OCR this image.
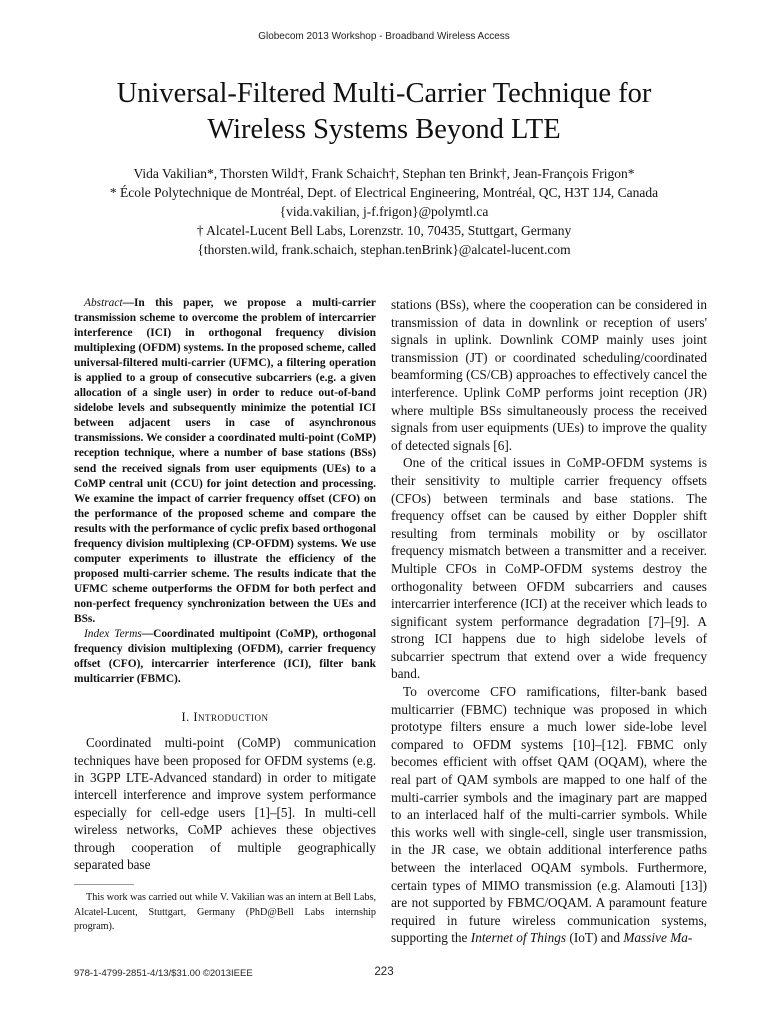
Globecom 2013 Workshop - Broadband Wireless Access
Universal-Filtered Multi-Carrier Technique for
Wireless Systems Beyond LTE
Vida Vakilian*, Thorsten Wild†, Frank Schaich†, Stephan ten Brink†, Jean-François Frigon*
* École Polytechnique de Montréal, Dept. of Electrical Engineering, Montréal, QC, H3T 1J4, Canada
{vida.vakilian, j-f.frigon}@polymtl.ca
† Alcatel-Lucent Bell Labs, Lorenzstr. 10, 70435, Stuttgart, Germany
{thorsten.wild, frank.schaich, stephan.tenBrink}@alcatel-lucent.com

Abstract—In this paper, we propose a multi-carrier transmission scheme to overcome the problem of intercarrier interference (ICI) in orthogonal frequency division multiplexing (OFDM) systems. In the proposed scheme, called universal-filtered multi-carrier (UFMC), a filtering operation is applied to a group of consecutive subcarriers (e.g. a given allocation of a single user) in order to reduce out-of-band sidelobe levels and subsequently minimize the potential ICI between adjacent users in case of asynchronous transmissions. We consider a coordinated multi-point (CoMP) reception technique, where a number of base stations (BSs) send the received signals from user equipments (UEs) to a CoMP central unit (CCU) for joint detection and processing. We examine the impact of carrier frequency offset (CFO) on the performance of the proposed scheme and compare the results with the performance of cyclic prefix based orthogonal frequency division multiplexing (CP-OFDM) systems. We use computer experiments to illustrate the efficiency of the proposed multi-carrier scheme. The results indicate that the UFMC scheme outperforms the OFDM for both perfect and non-perfect frequency synchronization between the UEs and BSs.

Index Terms—Coordinated multipoint (CoMP), orthogonal frequency division multiplexing (OFDM), carrier frequency offset (CFO), intercarrier interference (ICI), filter bank multicarrier (FBMC).

I. Introduction

Coordinated multi-point (CoMP) communication techniques have been proposed for OFDM systems (e.g. in 3GPP LTE-Advanced standard) in order to mitigate intercell interference and improve system performance especially for cell-edge users [1]–[5]. In multi-cell wireless networks, CoMP achieves these objectives through cooperation of multiple geographically separated base

stations (BSs), where the cooperation can be considered in transmission of data in downlink or reception of users' signals in uplink. Downlink COMP mainly uses joint transmission (JT) or coordinated scheduling/coordinated beamforming (CS/CB) approaches to effectively cancel the interference. Uplink CoMP performs joint reception (JR) where multiple BSs simultaneously process the received signals from user equipments (UEs) to improve the quality of detected signals [6].

One of the critical issues in CoMP-OFDM systems is their sensitivity to multiple carrier frequency offsets (CFOs) between terminals and base stations. The frequency offset can be caused by either Doppler shift resulting from terminals mobility or by oscillator frequency mismatch between a transmitter and a receiver. Multiple CFOs in CoMP-OFDM systems destroy the orthogonality between OFDM subcarriers and causes intercarrier interference (ICI) at the receiver which leads to significant system performance degradation [7]–[9]. A strong ICI happens due to high sidelobe levels of subcarrier spectrum that extend over a wide frequency band.

To overcome CFO ramifications, filter-bank based multicarrier (FBMC) technique was proposed in which prototype filters ensure a much lower side-lobe level compared to OFDM systems [10]–[12]. FBMC only becomes efficient with offset QAM (OQAM), where the real part of QAM symbols are mapped to one half of the multi-carrier symbols and the imaginary part are mapped to an interlaced half of the multi-carrier symbols. While this works well with single-cell, single user transmission, in the JR case, we obtain additional interference paths between the interlaced OQAM symbols. Furthermore, certain types of MIMO transmission (e.g. Alamouti [13]) are not supported by FBMC/OQAM. A paramount feature required in future wireless communication systems, supporting the Internet of Things (IoT) and Massive Ma-

This work was carried out while V. Vakilian was an intern at Bell Labs, Alcatel-Lucent, Stuttgart, Germany (PhD@Bell Labs internship program).
978-1-4799-2851-4/13/$31.00 ©2013IEEE	223
